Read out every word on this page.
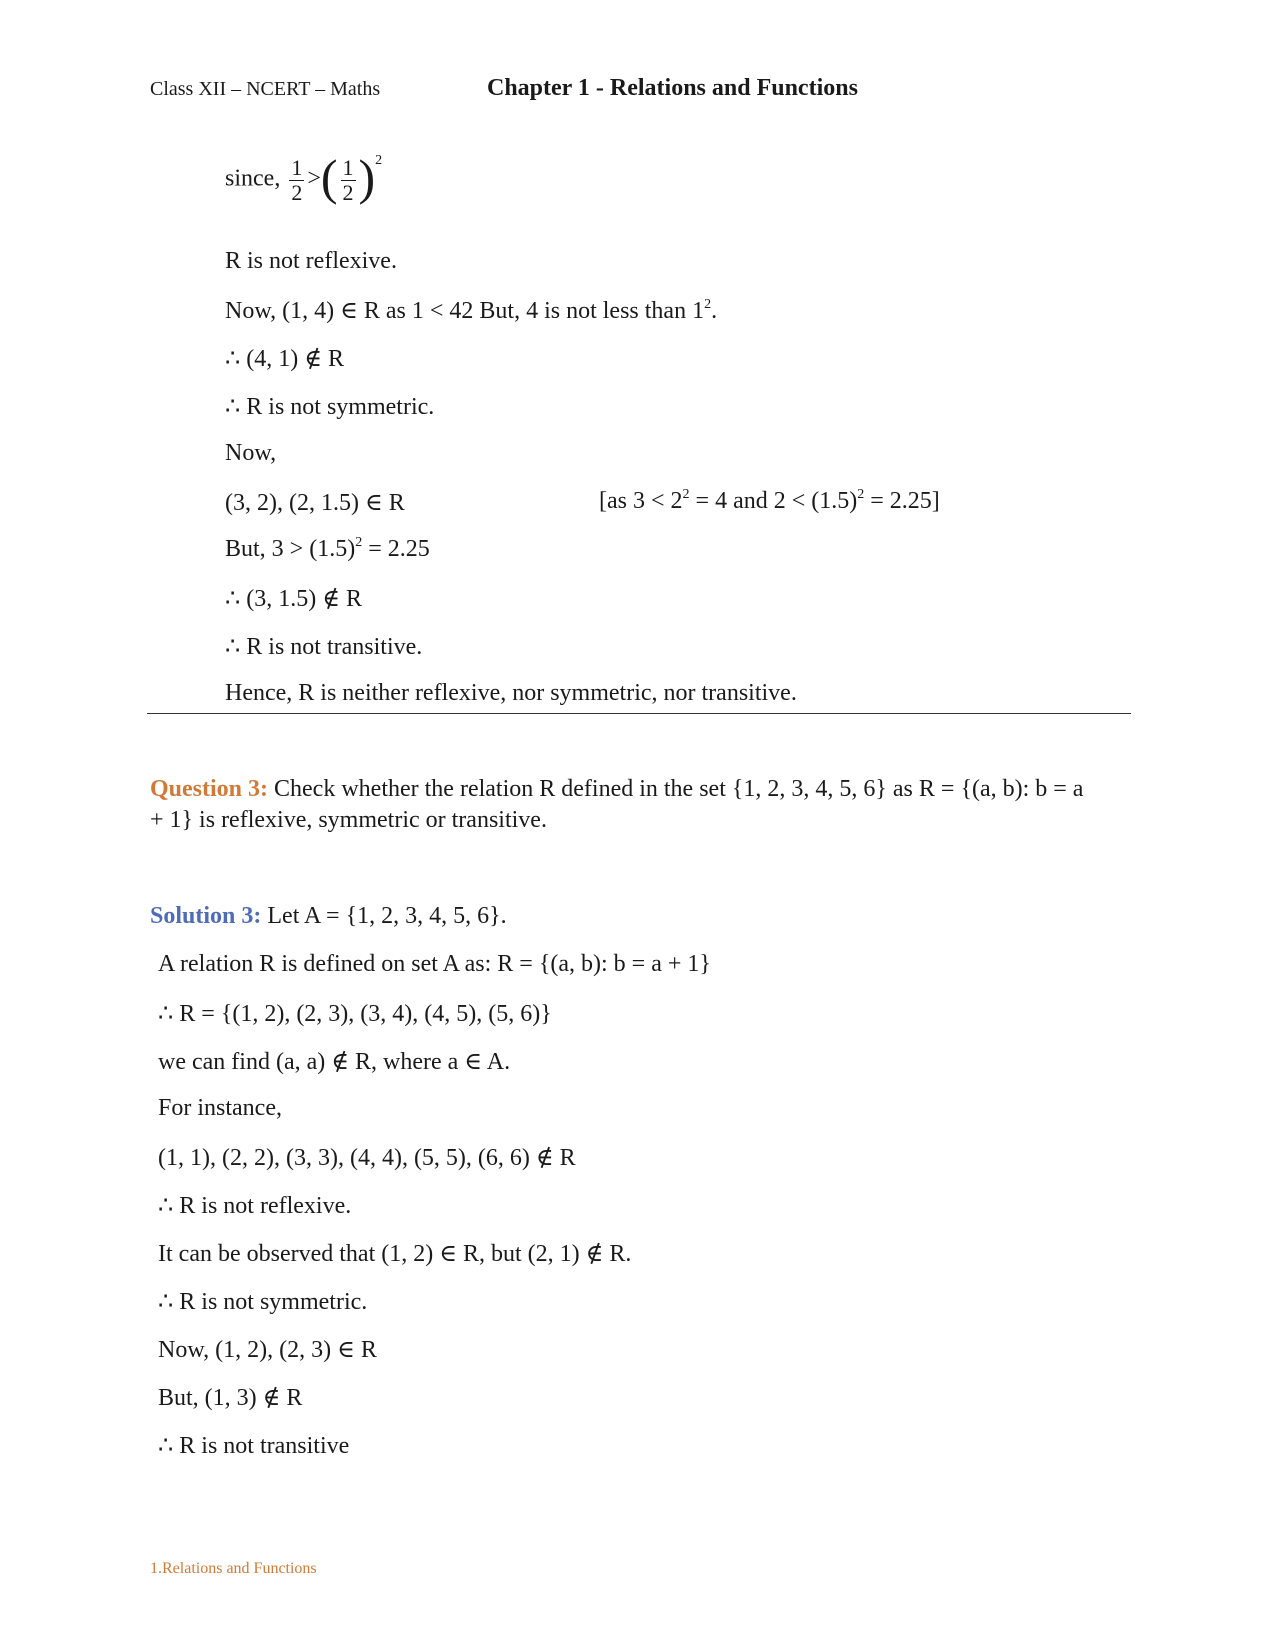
Class XII – NCERT – Maths	Chapter 1 - Relations and Functions
since, $\frac{1}{2}$ >( $\frac{1}{2} )^2$
R is not reflexive.
Now, (1, 4) ∈ R as 1 < 42 But, 4 is not less than $1^2$.
∴ (4, 1) ∉ R
∴ R is not symmetric.
Now,
(3, 2), (2, 1.5) ∈ R	[as $3 < 2^2 = 4$ and $2 < (1.5)^2 = 2.25$]
But, $3 > (1.5)^2 = 2.25$
∴ (3, 1.5) ∉ R
∴ R is not transitive.
Hence, R is neither reflexive, nor symmetric, nor transitive.
Question 3: Check whether the relation R defined in the set {1, 2, 3, 4, 5, 6} as R = {(a, b): b = a
+ 1} is reflexive, symmetric or transitive.
Solution 3: Let A = {1, 2, 3, 4, 5, 6}.
A relation R is defined on set A as: R = {(a, b): b = a + 1}
∴ R = {(1, 2), (2, 3), (3, 4), (4, 5), (5, 6)}
we can find (a, a) ∉ R, where a ∈ A.
For instance,
(1, 1), (2, 2), (3, 3), (4, 4), (5, 5), (6, 6) ∉ R
∴ R is not reflexive.
It can be observed that (1, 2) ∈ R, but (2, 1) ∉ R.
∴ R is not symmetric.
Now, (1, 2), (2, 3) ∈ R
But, (1, 3) ∉ R
∴ R is not transitive
1.Relations and Functions
